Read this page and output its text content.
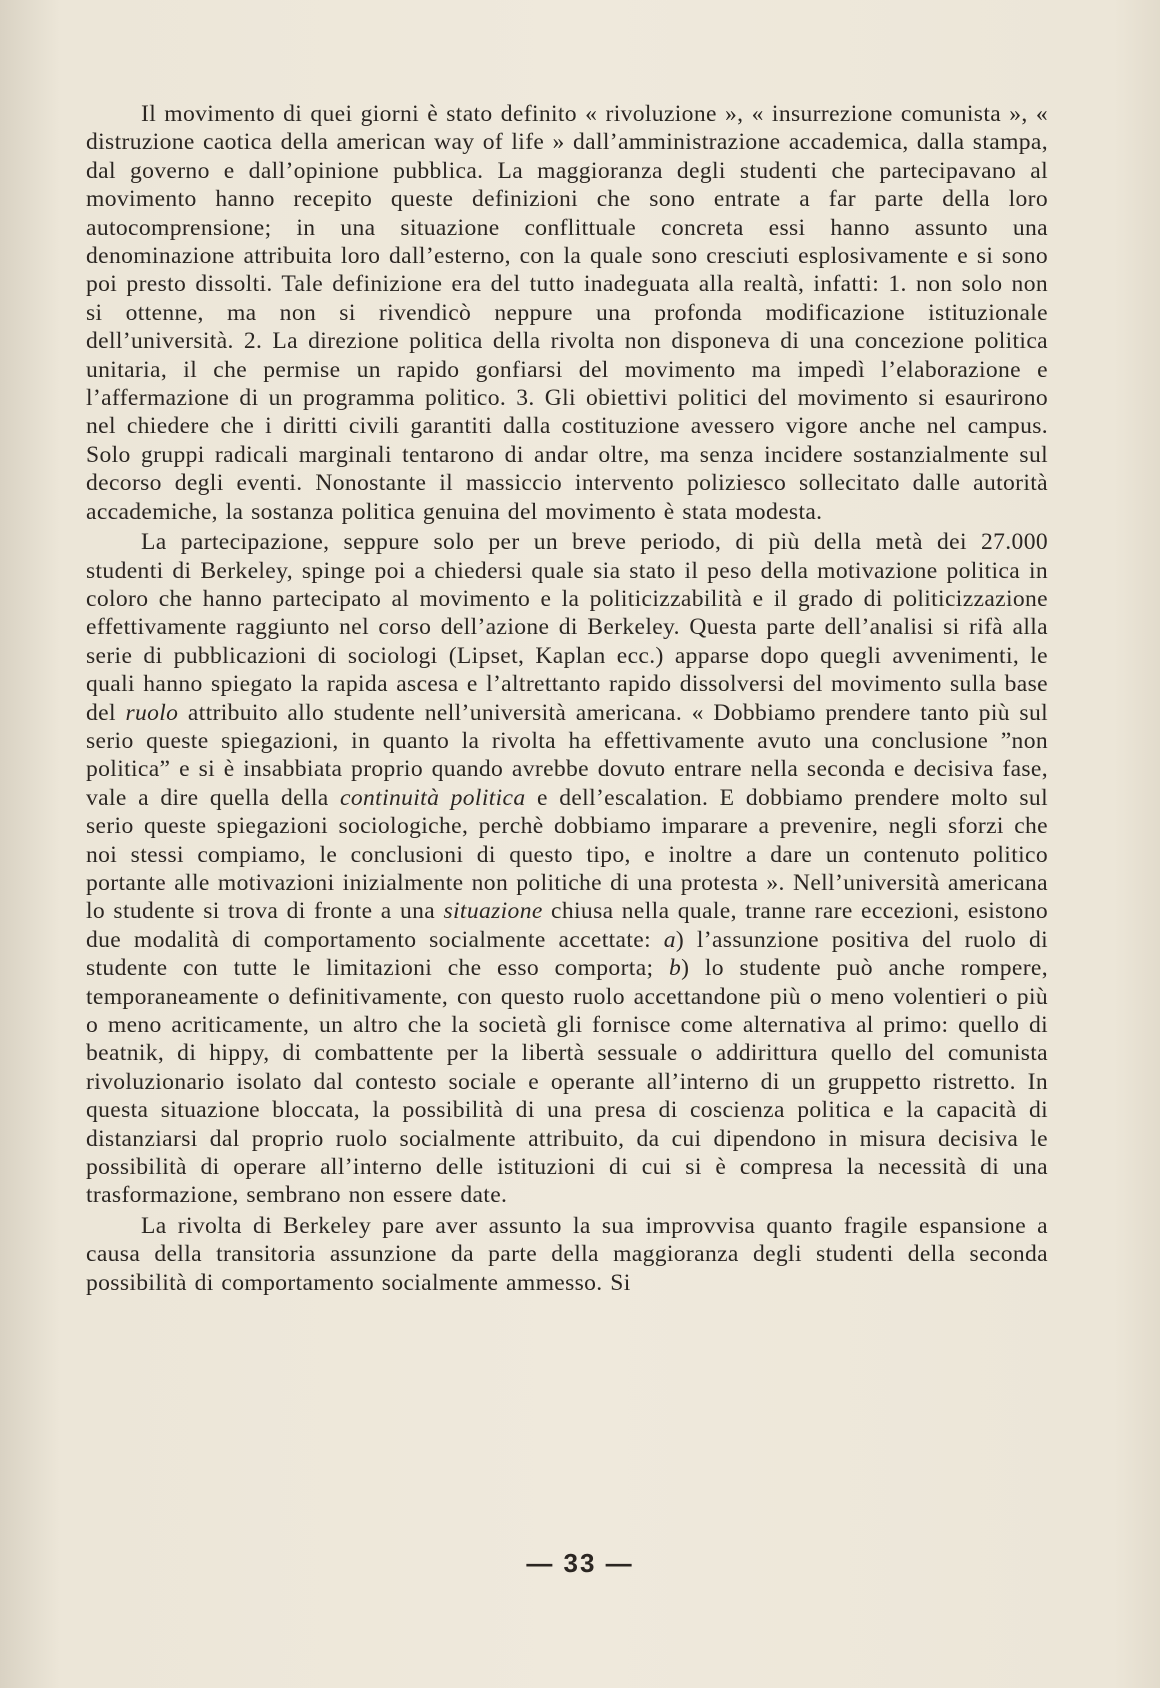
Il movimento di quei giorni è stato definito « rivoluzione », « insurrezione comunista », « distruzione caotica della american way of life » dall’amministrazione accademica, dalla stampa, dal governo e dall’opinione pubblica. La maggioranza degli studenti che partecipavano al movimento hanno recepito queste definizioni che sono entrate a far parte della loro autocomprensione; in una situazione conflittuale concreta essi hanno assunto una denominazione attribuita loro dall’esterno, con la quale sono cresciuti esplosivamente e si sono poi presto dissolti. Tale definizione era del tutto inadeguata alla realtà, infatti: 1. non solo non si ottenne, ma non si rivendicò neppure una profonda modificazione istituzionale dell’università. 2. La direzione politica della rivolta non disponeva di una concezione politica unitaria, il che permise un rapido gonfiarsi del movimento ma impedì l’elaborazione e l’affermazione di un programma politico. 3. Gli obiettivi politici del movimento si esaurirono nel chiedere che i diritti civili garantiti dalla costituzione avessero vigore anche nel campus. Solo gruppi radicali marginali tentarono di andar oltre, ma senza incidere sostanzialmente sul decorso degli eventi. Nonostante il massiccio intervento poliziesco sollecitato dalle autorità accademiche, la sostanza politica genuina del movimento è stata modesta.

La partecipazione, seppure solo per un breve periodo, di più della metà dei 27.000 studenti di Berkeley, spinge poi a chiedersi quale sia stato il peso della motivazione politica in coloro che hanno partecipato al movimento e la politicizzabilità e il grado di politicizzazione effettivamente raggiunto nel corso dell’azione di Berkeley. Questa parte dell’analisi si rifà alla serie di pubblicazioni di sociologi (Lipset, Kaplan ecc.) apparse dopo quegli avvenimenti, le quali hanno spiegato la rapida ascesa e l’altrettanto rapido dissolversi del movimento sulla base del ruolo attribuito allo studente nell’università americana. « Dobbiamo prendere tanto più sul serio queste spiegazioni, in quanto la rivolta ha effettivamente avuto una conclusione ”non politica” e si è insabbiata proprio quando avrebbe dovuto entrare nella seconda e decisiva fase, vale a dire quella della continuità politica e dell’escalation. E dobbiamo prendere molto sul serio queste spiegazioni sociologiche, perchè dobbiamo imparare a prevenire, negli sforzi che noi stessi compiamo, le conclusioni di questo tipo, e inoltre a dare un contenuto politico portante alle motivazioni inizialmente non politiche di una protesta ». Nell’università americana lo studente si trova di fronte a una situazione chiusa nella quale, tranne rare eccezioni, esistono due modalità di comportamento socialmente accettate: a) l’assunzione positiva del ruolo di studente con tutte le limitazioni che esso comporta; b) lo studente può anche rompere, temporaneamente o definitivamente, con questo ruolo accettandone più o meno volentieri o più o meno acriticamente, un altro che la società gli fornisce come alternativa al primo: quello di beatnik, di hippy, di combattente per la libertà sessuale o addirittura quello del comunista rivoluzionario isolato dal contesto sociale e operante all’interno di un gruppetto ristretto. In questa situazione bloccata, la possibilità di una presa di coscienza politica e la capacità di distanziarsi dal proprio ruolo socialmente attribuito, da cui dipendono in misura decisiva le possibilità di operare all’interno delle istituzioni di cui si è compresa la necessità di una trasformazione, sembrano non essere date.

La rivolta di Berkeley pare aver assunto la sua improvvisa quanto fragile espansione a causa della transitoria assunzione da parte della maggioranza degli studenti della seconda possibilità di comportamento socialmente ammesso. Si

— 33 —
